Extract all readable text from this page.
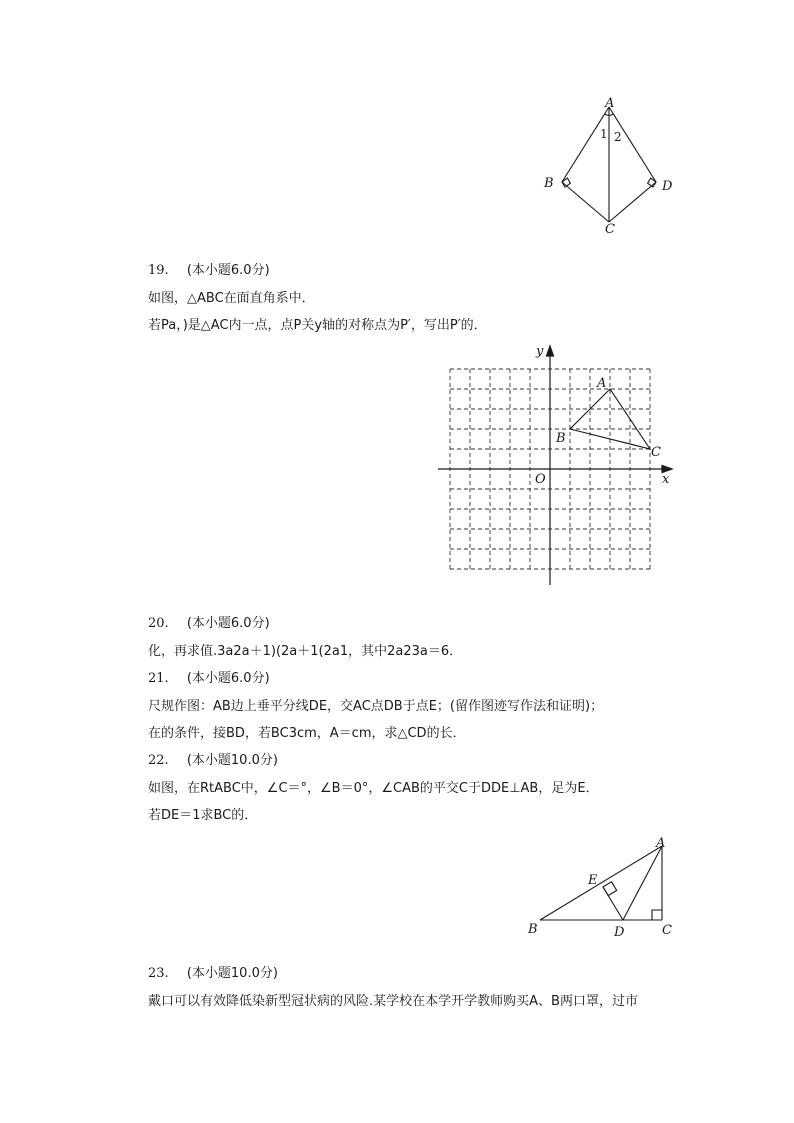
A
1 2
B	D
C
19. (本小题6.0分)
如图，△ABC在面直角系中．
若Pa，)是△AC内一点，点P关y轴的对称点为P′，写出P′的．
y
x
O
A
B
C
20. (本小题6.0分)
化，再求值.3a2a＋1)(2a＋1(2a1，其中2a23a＝6．
21. (本小题6.0分)
尺规作图：AB边上垂平分线DE，交AC点DB于点E；(留作图迹写作法和证明)；
在的条件，接BD，若BC3cm，A＝cm，求△CD的长．
22. (本小题10.0分)
如图，在RtABC中，∠C＝°，∠B＝0°，∠CAB的平交C于DDE⊥AB，足为E．
若DE＝1求BC的．
A
E
B	D	C
23. (本小题10.0分)
戴口可以有效降低染新型冠状病的风险.某学校在本学开学教师购买A、B两口罩，过市
